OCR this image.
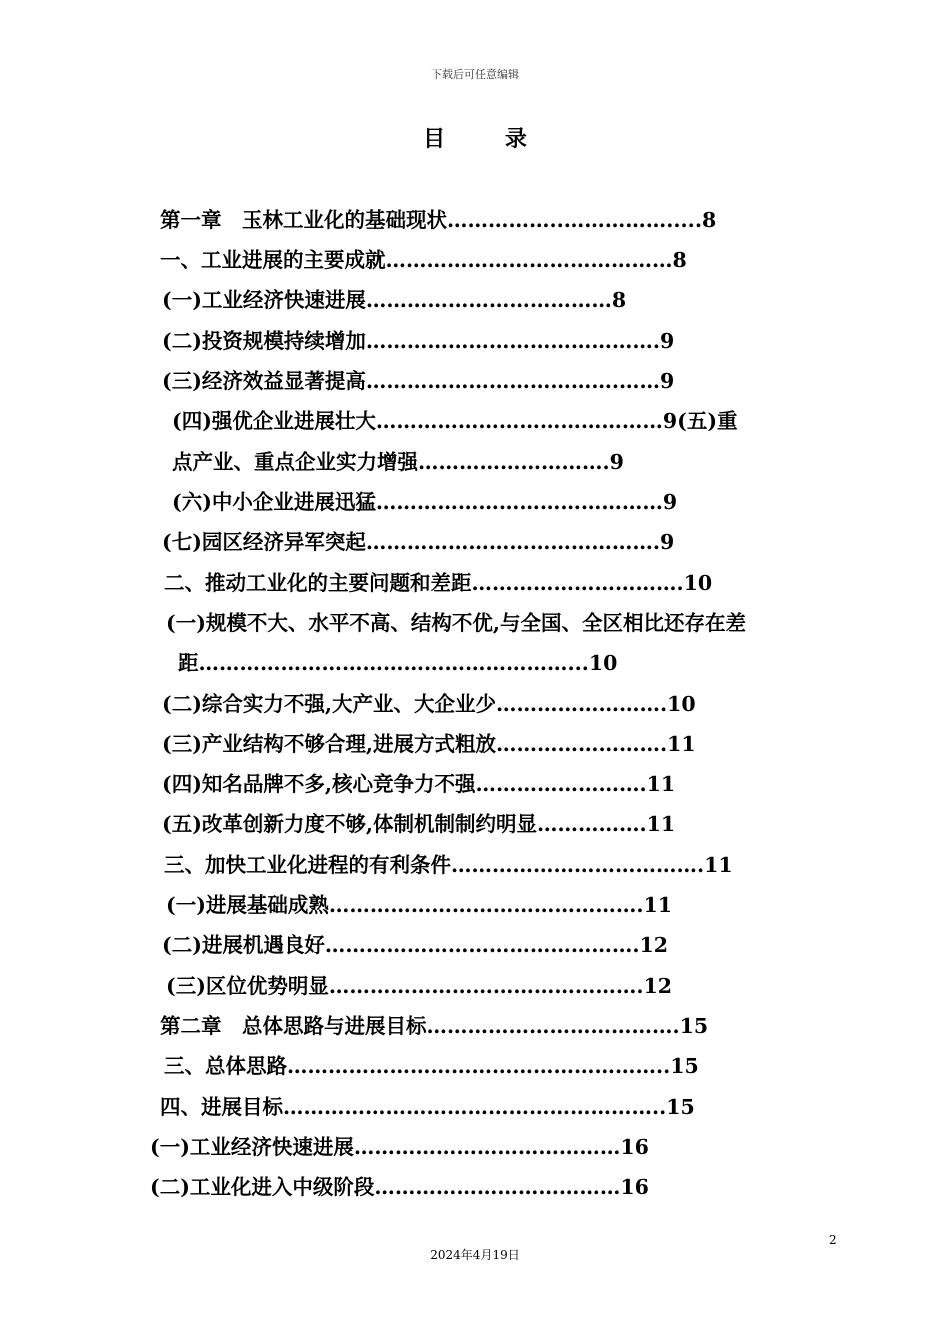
下载后可任意编辑
目 录
第一章　玉林工业化的基础现状……………..…………….....8
一、工业进展的主要成就……………………………………8
(一)工业经济快速进展………………………………8
(二)投资规模持续增加…………………………………….9
(三)经济效益显著提高……………………………….……9
(四)强优企业进展壮大……………………………………9(五)重
点产业、重点企业实力增强……………………….9
(六)中小企业进展迅猛……………………………………9
(七)园区经济异军突起…………………………………….9
二、推动工业化的主要问题和差距………………………….10
(一)规模不大、水平不高、结构不优,与全国、全区相比还存在差
距………………………………………………...10
(二)综合实力不强,大产业、大企业少…………………….10
(三)产业结构不够合理,进展方式粗放…………………….11
(四)知名品牌不多,核心竞争力不强…………………….11
(五)改革创新力度不够,体制机制制约明显…………….11
三、加快工业化进程的有利条件……………………………….11
(一)进展基础成熟……………………………………….11
(二)进展机遇良好……………………………………….12
(三)区位优势明显……………………………………….12
第二章　总体思路与进展目标……………………………….15
三、总体思路………………………………………………..15
四、进展目标………………………………………………..15
(一)工业经济快速进展…………………………………16
(二)工业化进入中级阶段………………………………16
2
2024年4月19日
